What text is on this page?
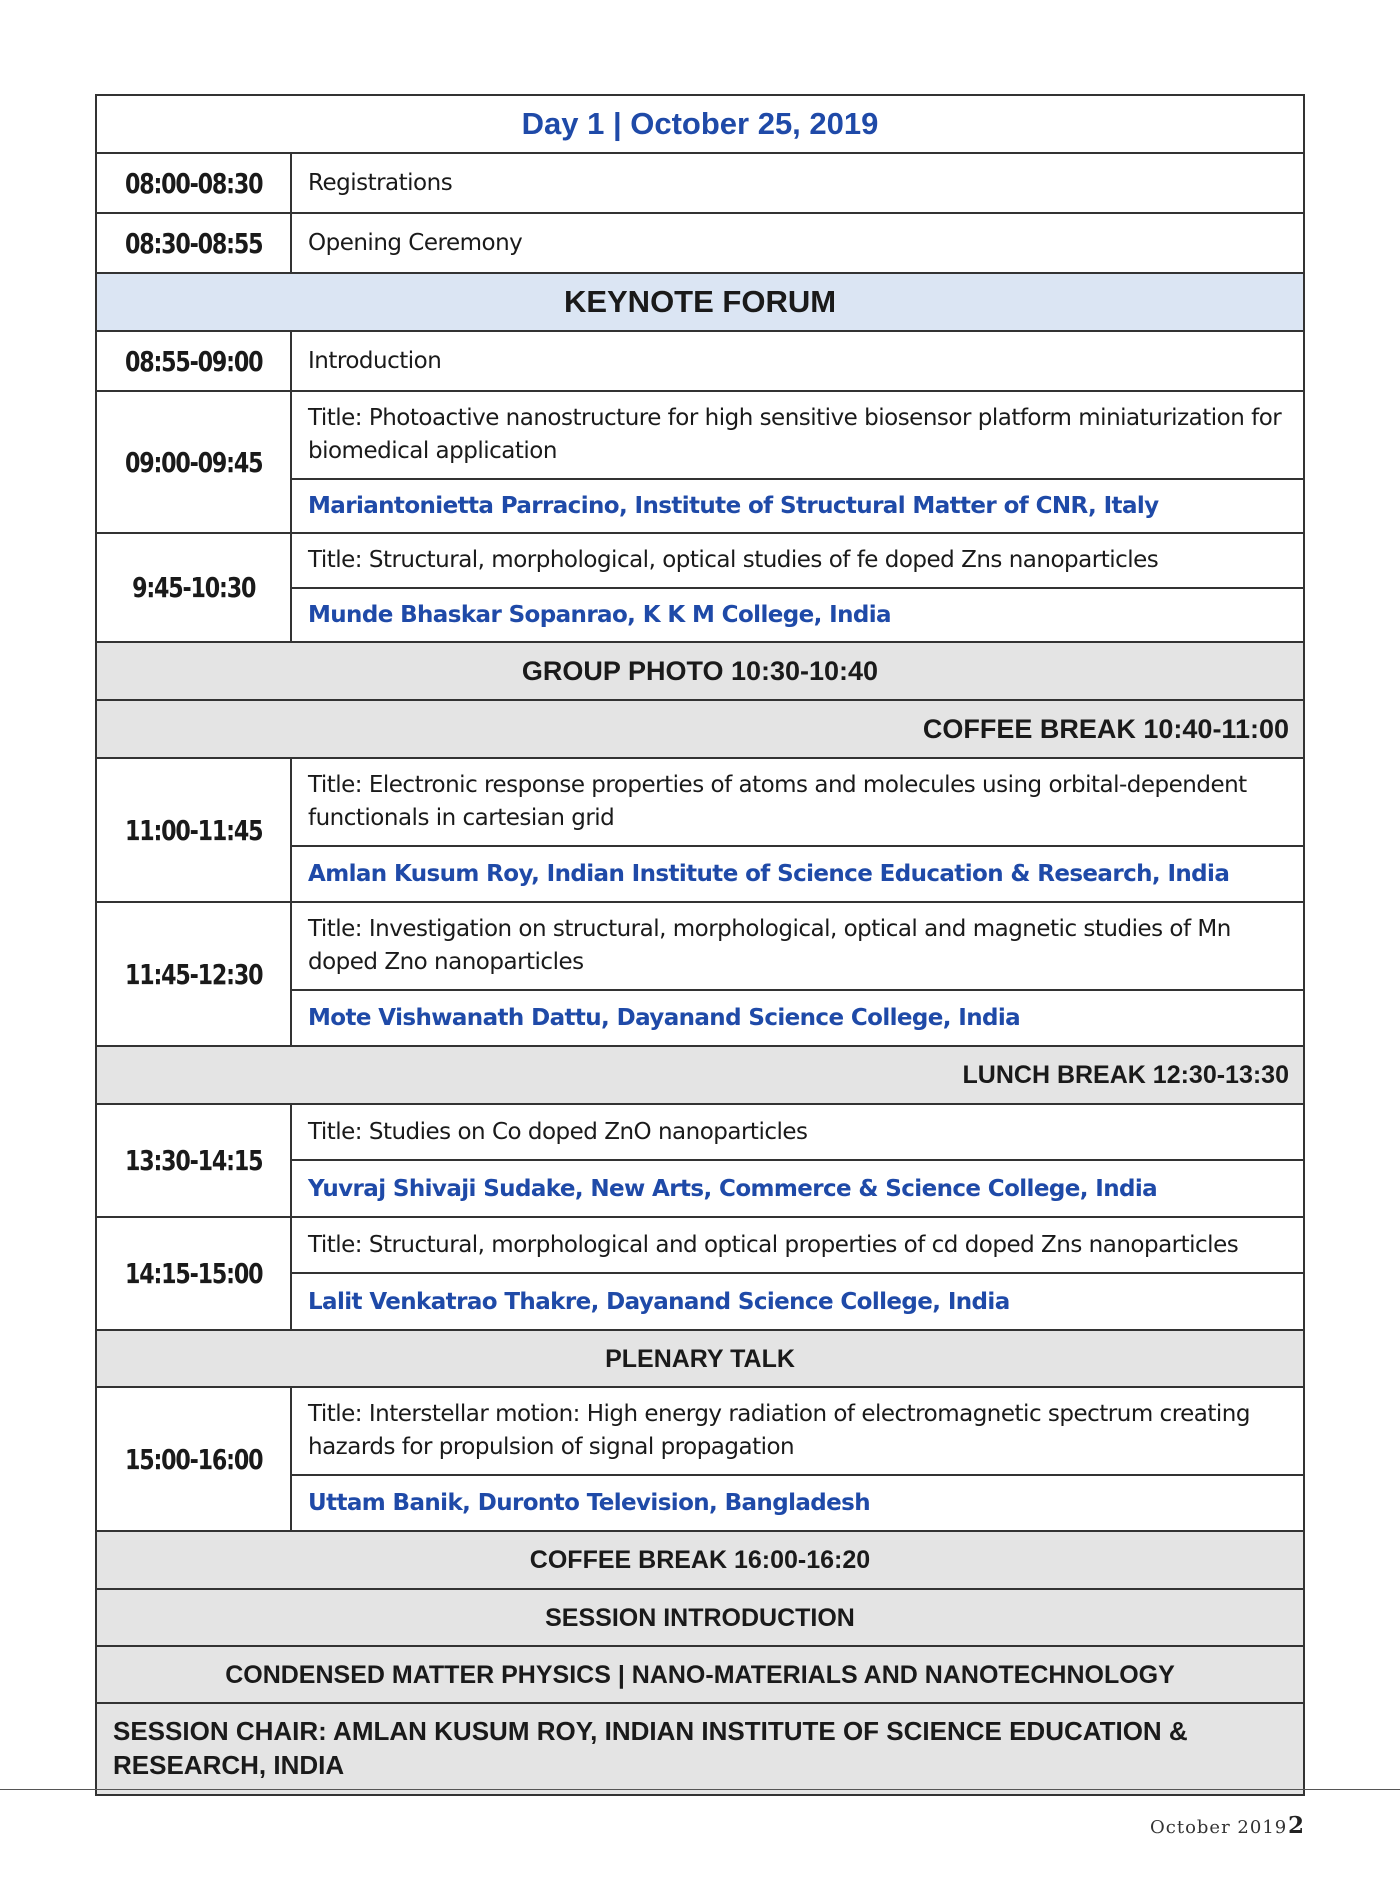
Day 1 | October 25, 2019	
08:00-08:30	Registrations
08:30-08:55	Opening Ceremony
KEYNOTE FORUM	
08:55-09:00	Introduction
09:00-09:45	Title: Photoactive nanostructure for high sensitive biosensor platform miniaturization for biomedical application
	Mariantonietta Parracino, Institute of Structural Matter of CNR, Italy
9:45-10:30	Title: Structural, morphological, optical studies of fe doped Zns nanoparticles
	Munde Bhaskar Sopanrao, K K M College, India
GROUP PHOTO 10:30-10:40	
COFFEE BREAK 10:40-11:00	
11:00-11:45	Title: Electronic response properties of atoms and molecules using orbital-dependent functionals in cartesian grid
	Amlan Kusum Roy, Indian Institute of Science Education & Research, India
11:45-12:30	Title: Investigation on structural, morphological, optical and magnetic studies of Mn doped Zno nanoparticles
	Mote Vishwanath Dattu, Dayanand Science College, India
LUNCH BREAK 12:30-13:30	
13:30-14:15	Title: Studies on Co doped ZnO nanoparticles
	Yuvraj Shivaji Sudake, New Arts, Commerce & Science College, India
14:15-15:00	Title: Structural, morphological and optical properties of cd doped Zns nanoparticles
	Lalit Venkatrao Thakre, Dayanand Science College, India
PLENARY TALK	
15:00-16:00	Title: Interstellar motion: High energy radiation of electromagnetic spectrum creating hazards for propulsion of signal propagation
	Uttam Banik, Duronto Television, Bangladesh
COFFEE BREAK 16:00-16:20	
SESSION INTRODUCTION	
CONDENSED MATTER PHYSICS | NANO-MATERIALS AND NANOTECHNOLOGY	
SESSION CHAIR: AMLAN KUSUM ROY, INDIAN INSTITUTE OF SCIENCE EDUCATION & RESEARCH, INDIA	
October 2019 2
